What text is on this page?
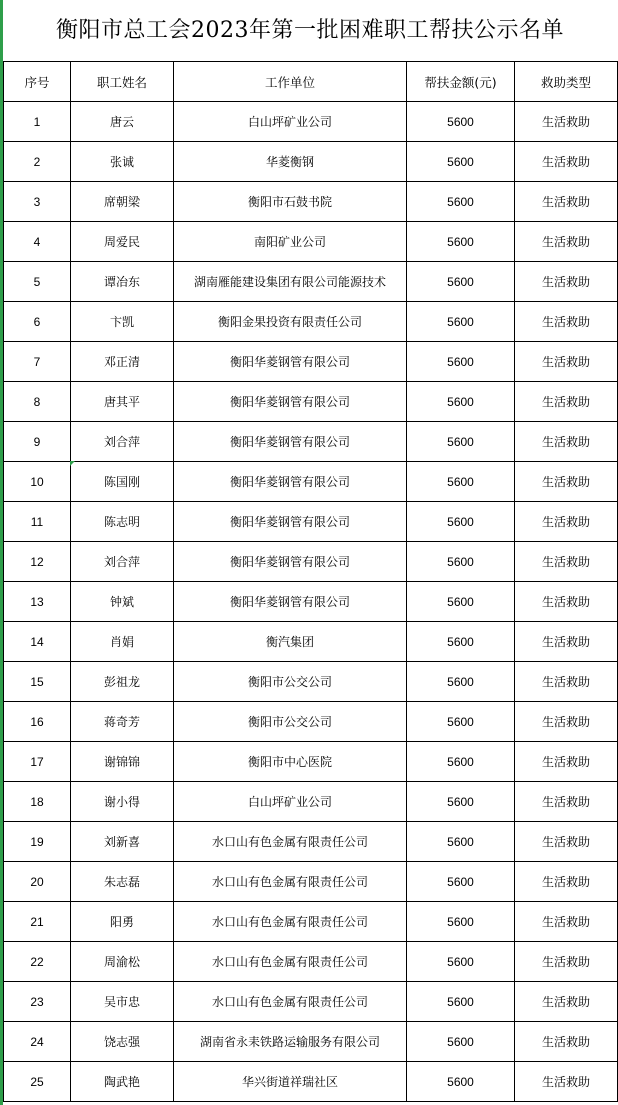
衡阳市总工会2023年第一批困难职工帮扶公示名单
序号	职工姓名	工作单位	帮扶金额(元)	救助类型
1	唐云	白山坪矿业公司	5600	生活救助
2	张诚	华菱衡钢	5600	生活救助
3	席朝梁	衡阳市石鼓书院	5600	生活救助
4	周爱民	南阳矿业公司	5600	生活救助
5	谭冶东	湖南雁能建设集团有限公司能源技术	5600	生活救助
6	卞凯	衡阳金果投资有限责任公司	5600	生活救助
7	邓正清	衡阳华菱钢管有限公司	5600	生活救助
8	唐其平	衡阳华菱钢管有限公司	5600	生活救助
9	刘合萍	衡阳华菱钢管有限公司	5600	生活救助
10	陈国刚	衡阳华菱钢管有限公司	5600	生活救助
11	陈志明	衡阳华菱钢管有限公司	5600	生活救助
12	刘合萍	衡阳华菱钢管有限公司	5600	生活救助
13	钟斌	衡阳华菱钢管有限公司	5600	生活救助
14	肖娟	衡汽集团	5600	生活救助
15	彭祖龙	衡阳市公交公司	5600	生活救助
16	蒋奇芳	衡阳市公交公司	5600	生活救助
17	谢锦锦	衡阳市中心医院	5600	生活救助
18	谢小得	白山坪矿业公司	5600	生活救助
19	刘新喜	水口山有色金属有限责任公司	5600	生活救助
20	朱志磊	水口山有色金属有限责任公司	5600	生活救助
21	阳勇	水口山有色金属有限责任公司	5600	生活救助
22	周渝松	水口山有色金属有限责任公司	5600	生活救助
23	吴市忠	水口山有色金属有限责任公司	5600	生活救助
24	饶志强	湖南省永耒铁路运输服务有限公司	5600	生活救助
25	陶武艳	华兴街道祥瑞社区	5600	生活救助
